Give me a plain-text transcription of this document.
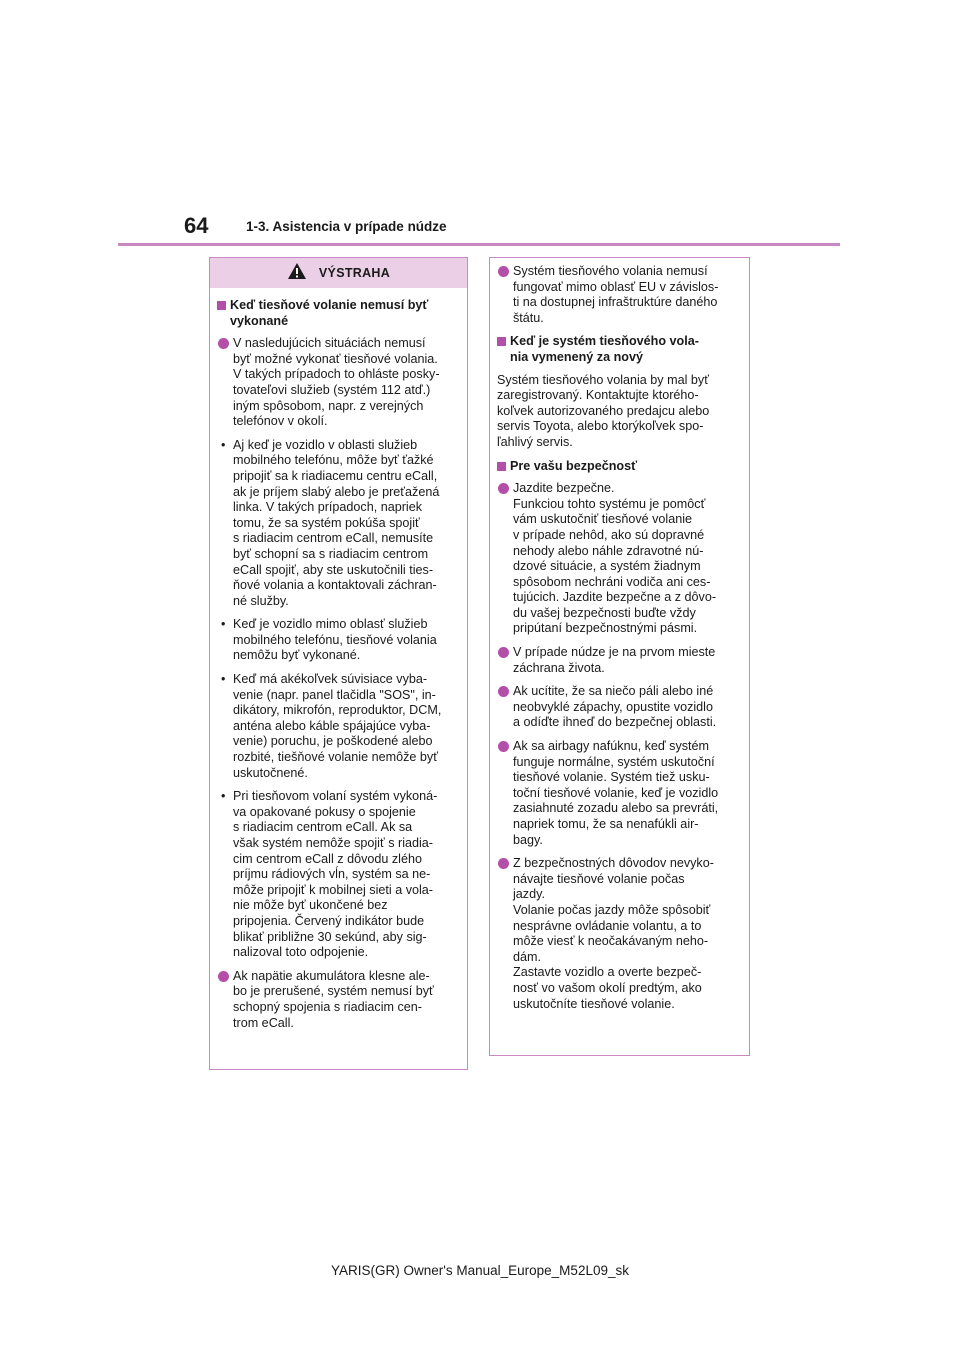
64	1-3. Asistencia v prípade núdze
VÝSTRAHA
Keď tiesňové volanie nemusí byť
vykonané
V nasledujúcich situáciách nemusí
byť možné vykonať tiesňové volania.
V takých prípadoch to ohláste posky-
tovateľovi služieb (systém 112 atď.)
iným spôsobom, napr. z verejných
telefónov v okolí.
• Aj keď je vozidlo v oblasti služieb
mobilného telefónu, môže byť ťažké
pripojiť sa k riadiacemu centru eCall,
ak je príjem slabý alebo je preťažená
linka. V takých prípadoch, napriek
tomu, že sa systém pokúša spojiť
s riadiacim centrom eCall, nemusíte
byť schopní sa s riadiacim centrom
eCall spojiť, aby ste uskutočnili ties-
ňové volania a kontaktovali záchran-
né služby.
• Keď je vozidlo mimo oblasť služieb
mobilného telefónu, tiesňové volania
nemôžu byť vykonané.
• Keď má akékoľvek súvisiace vyba-
venie (napr. panel tlačidla "SOS", in-
dikátory, mikrofón, reproduktor, DCM,
anténa alebo káble spájajúce vyba-
venie) poruchu, je poškodené alebo
rozbité, tiešňové volanie nemôže byť
uskutočnené.
• Pri tiesňovom volaní systém vykoná-
va opakované pokusy o spojenie
s riadiacim centrom eCall. Ak sa
však systém nemôže spojiť s riadia-
cim centrom eCall z dôvodu zlého
príjmu rádiových vĺn, systém sa ne-
môže pripojiť k mobilnej sieti a vola-
nie môže byť ukončené bez
pripojenia. Červený indikátor bude
blikať približne 30 sekúnd, aby sig-
nalizoval toto odpojenie.
Ak napätie akumulátora klesne ale-
bo je prerušené, systém nemusí byť
schopný spojenia s riadiacim cen-
trom eCall.
Systém tiesňového volania nemusí
fungovať mimo oblasť EU v závislos-
ti na dostupnej infraštruktúre daného
štátu.
Keď je systém tiesňového vola-
nia vymenený za nový
Systém tiesňového volania by mal byť
zaregistrovaný. Kontaktujte ktorého-
koľvek autorizovaného predajcu alebo
servis Toyota, alebo ktorýkoľvek spo-
ľahlivý servis.
Pre vašu bezpečnosť
Jazdite bezpečne.
Funkciou tohto systému je pomôcť
vám uskutočniť tiesňové volanie
v prípade nehôd, ako sú dopravné
nehody alebo náhle zdravotné nú-
dzové situácie, a systém žiadnym
spôsobom nechráni vodiča ani ces-
tujúcich. Jazdite bezpečne a z dôvo-
du vašej bezpečnosti buďte vždy
pripútaní bezpečnostnými pásmi.
V prípade núdze je na prvom mieste
záchrana života.
Ak ucítite, že sa niečo páli alebo iné
neobvyklé zápachy, opustite vozidlo
a odíďte ihneď do bezpečnej oblasti.
Ak sa airbagy nafúknu, keď systém
funguje normálne, systém uskutoční
tiesňové volanie. Systém tiež usku-
toční tiesňové volanie, keď je vozidlo
zasiahnuté zozadu alebo sa prevráti,
napriek tomu, že sa nenafúkli air-
bagy.
Z bezpečnostných dôvodov nevyko-
návajte tiesňové volanie počas
jazdy.
Volanie počas jazdy môže spôsobiť
nesprávne ovládanie volantu, a to
môže viesť k neočakávaným neho-
dám.
Zastavte vozidlo a overte bezpeč-
nosť vo vašom okolí predtým, ako
uskutočníte tiesňové volanie.
YARIS(GR) Owner's Manual_Europe_M52L09_sk
